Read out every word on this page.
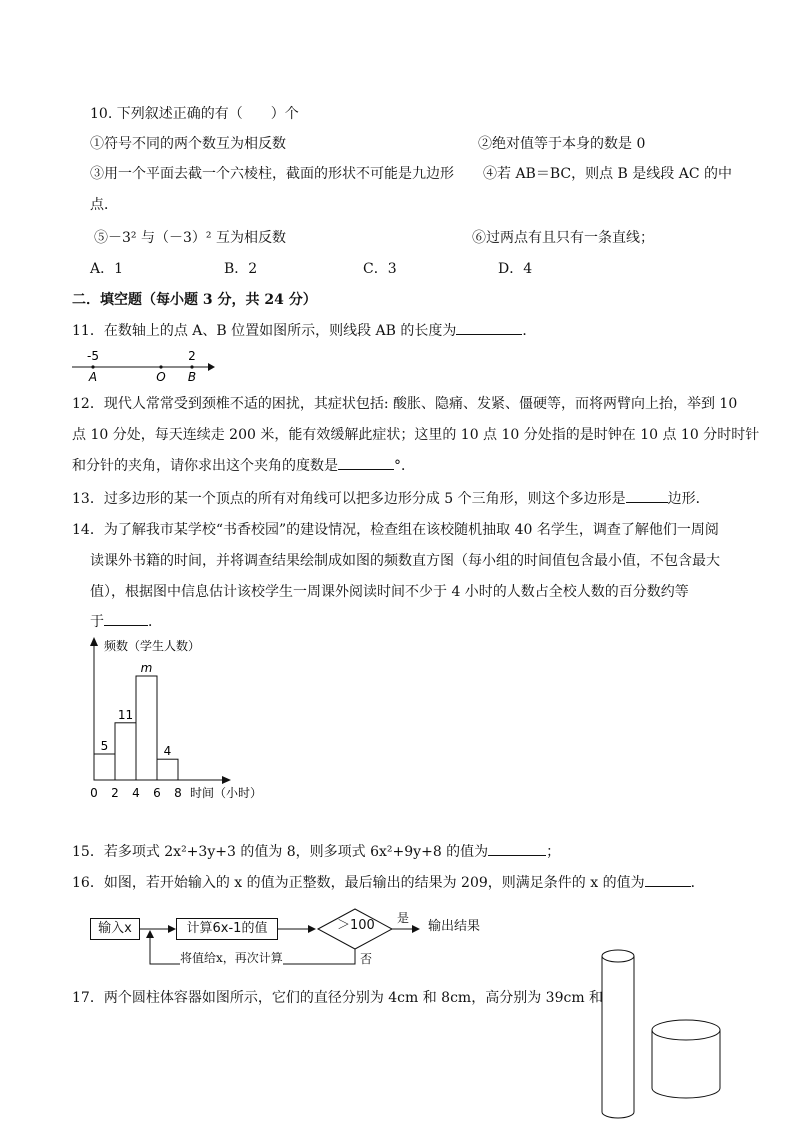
10. 下列叙述正确的有（　　）个
①符号不同的两个数互为相反数	②绝对值等于本身的数是 0
③用一个平面去截一个六棱柱，截面的形状不可能是九边形 ④若 AB＝BC，则点 B 是线段 AC 的中
点．
⑤－3² 与（－3）² 互为相反数	⑥过两点有且只有一条直线；
A．1	B．2	C．3	D．4
二．填空题（每小题 3 分，共 24 分）
11．在数轴上的点 A、B 位置如图所示，则线段 AB 的长度为	．
-5	2
A	O B
12．现代人常常受到颈椎不适的困扰，其症状包括: 酸胀、隐痛、发紧、僵硬等，而将两臂向上抬，举到 10
点 10 分处，每天连续走 200 米，能有效缓解此症状；这里的 10 点 10 分处指的是时钟在 10 点 10 分时时针
和分针的夹角，请你求出这个夹角的度数是	°．
13．过多边形的某一个顶点的所有对角线可以把多边形分成 5 个三角形，则这个多边形是	边形．
14．为了解我市某学校“书香校园”的建设情况，检查组在该校随机抽取 40 名学生，调查了解他们一周阅
读课外书籍的时间，并将调查结果绘制成如图的频数直方图（每小组的时间值包含最小值，不包含最大
值），根据图中信息估计该校学生一周课外阅读时间不少于 4 小时的人数占全校人数的百分数约等
于	．
频数（学生人数）
时间（小时）
5
11
m
4
0 2 4 6 8
15．若多项式 2x²+3y+3 的值为 8，则多项式 6x²+9y+8 的值为	；
16．如图，若开始输入的 x 的值为正整数，最后输出的结果为 209，则满足条件的 x 的值为	．
输入x	计算6x-1的值	＞100 是
输出结果
将值给x，再次计算	否
17．两个圆柱体容器如图所示，它们的直径分别为 4cm 和 8cm，高分别为 39cm 和
